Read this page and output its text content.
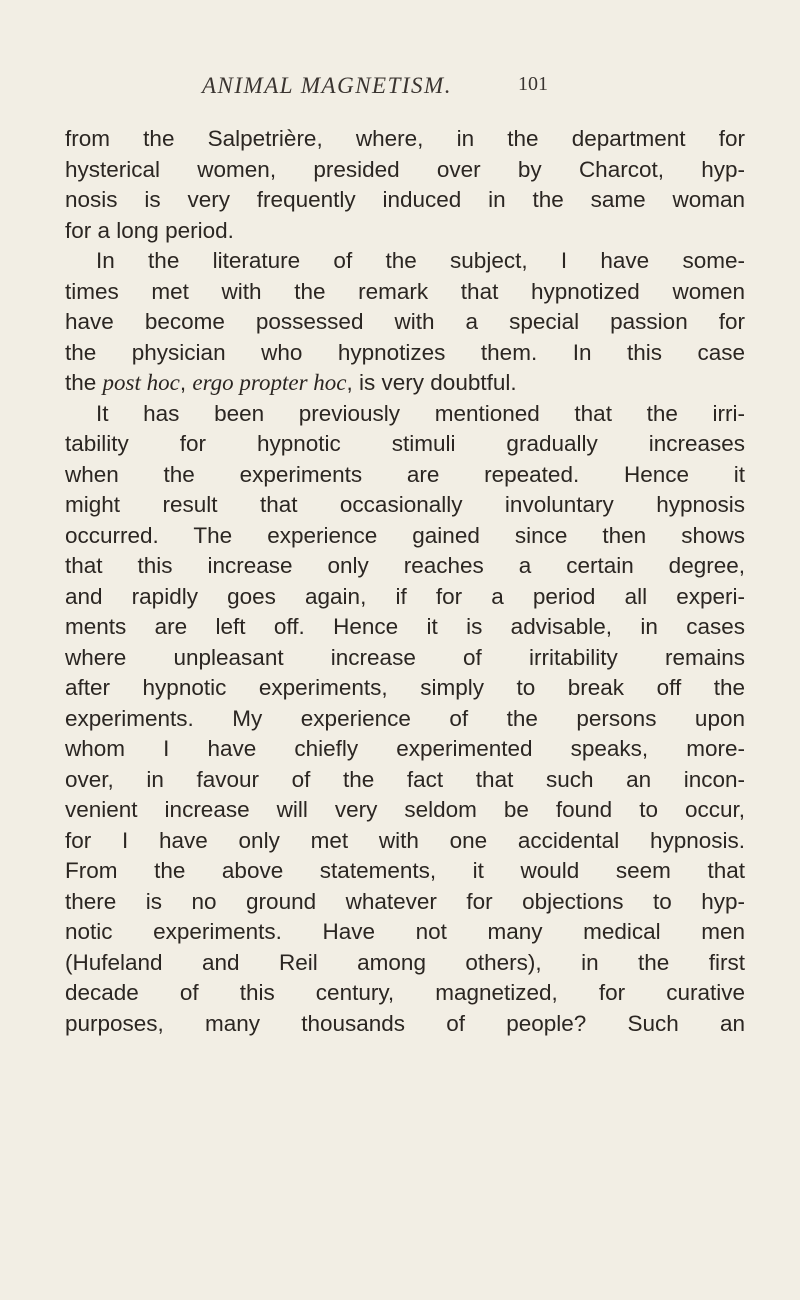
ANIMAL MAGNETISM.	101
from the Salpetrière, where, in the department for
hysterical women, presided over by Charcot, hyp-
nosis is very frequently induced in the same woman
for a long period.
In the literature of the subject, I have some-
times met with the remark that hypnotized women
have become possessed with a special passion for
the physician who hypnotizes them. In this case
the post hoc, ergo propter hoc, is very doubtful.
It has been previously mentioned that the irri-
tability for hypnotic stimuli gradually increases
when the experiments are repeated. Hence it
might result that occasionally involuntary hypnosis
occurred. The experience gained since then shows
that this increase only reaches a certain degree,
and rapidly goes again, if for a period all experi-
ments are left off. Hence it is advisable, in cases
where unpleasant increase of irritability remains
after hypnotic experiments, simply to break off the
experiments. My experience of the persons upon
whom I have chiefly experimented speaks, more-
over, in favour of the fact that such an incon-
venient increase will very seldom be found to occur,
for I have only met with one accidental hypnosis.
From the above statements, it would seem that
there is no ground whatever for objections to hyp-
notic experiments. Have not many medical men
(Hufeland and Reil among others), in the first
decade of this century, magnetized, for curative
purposes, many thousands of people? Such an
